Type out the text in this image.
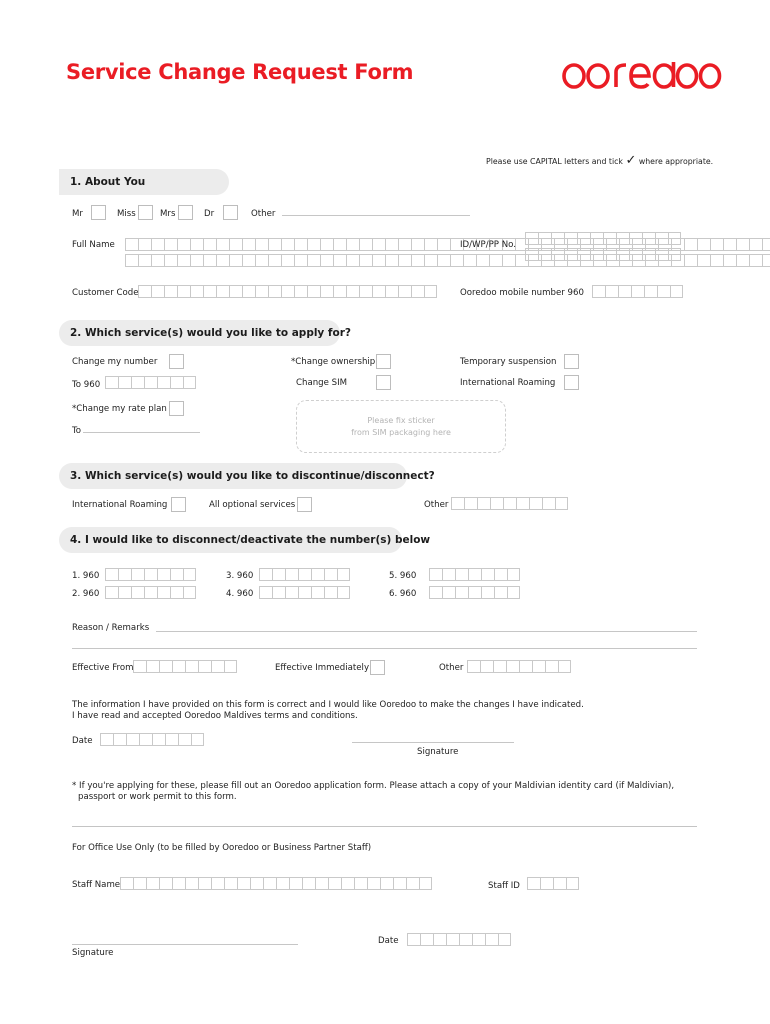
Service Change Request Form
Please use CAPITAL letters and tick ✓ where appropriate.
1. About You
Mr	Miss	Mrs	Dr	Other
Full Name	ID/WP/PP No.
Customer Code	Ooredoo mobile number 960
2. Which service(s) would you like to apply for?
Change my number
To 960
*Change ownership
Change SIM
Temporary suspension
International Roaming
*Change my rate plan
To
Please fix sticker
from SIM packaging here
3. Which service(s) would you like to discontinue/disconnect?
International Roaming	All optional services	Other
4. I would like to disconnect/deactivate the number(s) below
1. 960
2. 960
3. 960
4. 960
5. 960
6. 960
Reason / Remarks
Effective From	Effective Immediately	Other
The information I have provided on this form is correct and I would like Ooredoo to make the changes I have indicated.
I have read and accepted Ooredoo Maldives terms and conditions.
Date
Signature
* If you're applying for these, please fill out an Ooredoo application form. Please attach a copy of your Maldivian identity card (if Maldivian),
passport or work permit to this form.
For Office Use Only (to be filled by Ooredoo or Business Partner Staff)
Staff Name	Staff ID
Date
Signature
